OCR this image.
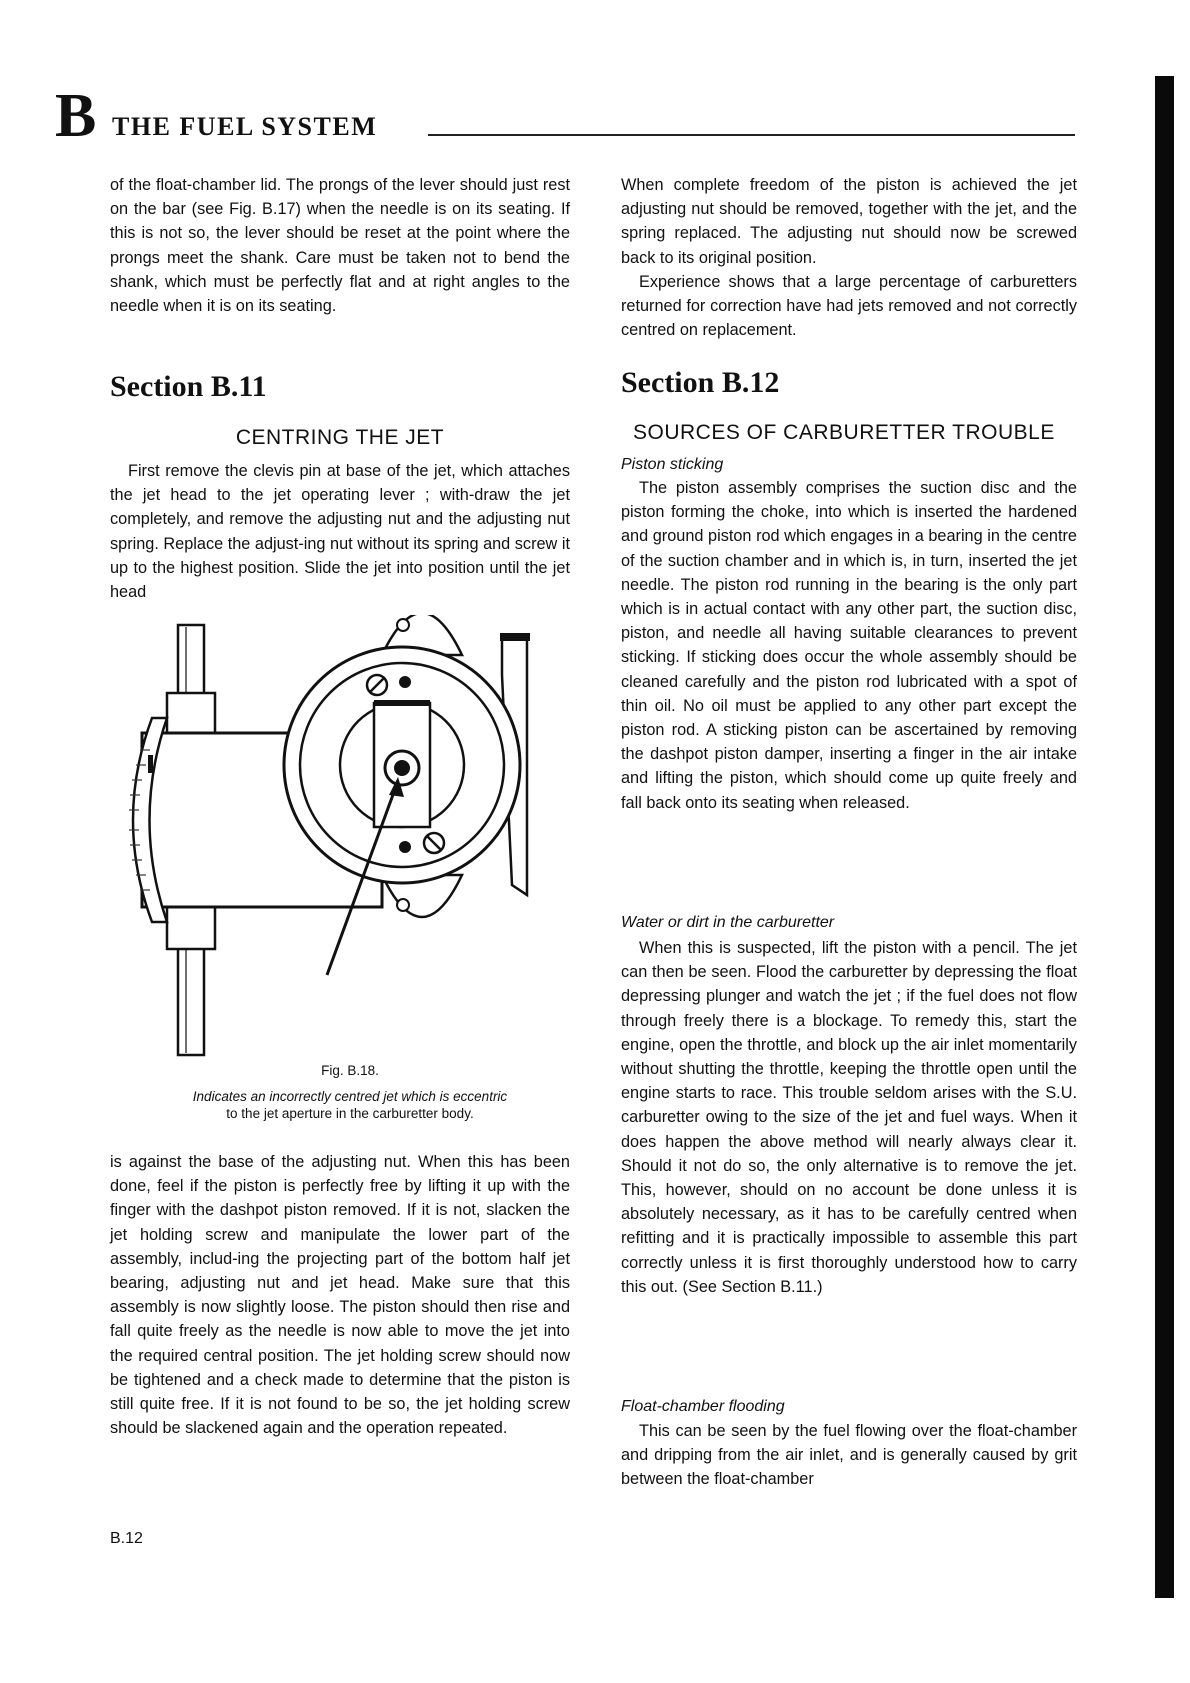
B THE FUEL SYSTEM

of the float-chamber lid. The prongs of the lever should just rest on the bar (see Fig. B.17) when the needle is on its seating. If this is not so, the lever should be reset at the point where the prongs meet the shank. Care must be taken not to bend the shank, which must be perfectly flat and at right angles to the needle when it is on its seating.

Section B.11
CENTRING THE JET

First remove the clevis pin at base of the jet, which attaches the jet head to the jet operating lever ; with-draw the jet completely, and remove the adjusting nut and the adjusting nut spring. Replace the adjust-ing nut without its spring and screw it up to the highest position. Slide the jet into position until the jet head

Fig. B.18.
Indicates an incorrectly centred jet which is eccentric
to the jet aperture in the carburetter body.

is against the base of the adjusting nut. When this has been done, feel if the piston is perfectly free by lifting it up with the finger with the dashpot piston removed. If it is not, slacken the jet holding screw and manipulate the lower part of the assembly, includ-ing the projecting part of the bottom half jet bearing, adjusting nut and jet head. Make sure that this assembly is now slightly loose. The piston should then rise and fall quite freely as the needle is now able to move the jet into the required central position. The jet holding screw should now be tightened and a check made to determine that the piston is still quite free. If it is not found to be so, the jet holding screw should be slackened again and the operation repeated.

When complete freedom of the piston is achieved the jet adjusting nut should be removed, together with the jet, and the spring replaced. The adjusting nut should now be screwed back to its original position.

Experience shows that a large percentage of carburetters returned for correction have had jets removed and not correctly centred on replacement.

Section B.12
SOURCES OF CARBURETTER TROUBLE
Piston sticking

The piston assembly comprises the suction disc and the piston forming the choke, into which is inserted the hardened and ground piston rod which engages in a bearing in the centre of the suction chamber and in which is, in turn, inserted the jet needle. The piston rod running in the bearing is the only part which is in actual contact with any other part, the suction disc, piston, and needle all having suitable clearances to prevent sticking. If sticking does occur the whole assembly should be cleaned carefully and the piston rod lubricated with a spot of thin oil. No oil must be applied to any other part except the piston rod. A sticking piston can be ascertained by removing the dashpot piston damper, inserting a finger in the air intake and lifting the piston, which should come up quite freely and fall back onto its seating when released.

Water or dirt in the carburetter

When this is suspected, lift the piston with a pencil. The jet can then be seen. Flood the carburetter by depressing the float depressing plunger and watch the jet ; if the fuel does not flow through freely there is a blockage. To remedy this, start the engine, open the throttle, and block up the air inlet momentarily without shutting the throttle, keeping the throttle open until the engine starts to race. This trouble seldom arises with the S.U. carburetter owing to the size of the jet and fuel ways. When it does happen the above method will nearly always clear it. Should it not do so, the only alternative is to remove the jet. This, however, should on no account be done unless it is absolutely necessary, as it has to be carefully centred when refitting and it is practically impossible to assemble this part correctly unless it is first thoroughly understood how to carry this out. (See Section B.11.)

Float-chamber flooding

This can be seen by the fuel flowing over the float-chamber and dripping from the air inlet, and is generally caused by grit between the float-chamber

B.12
